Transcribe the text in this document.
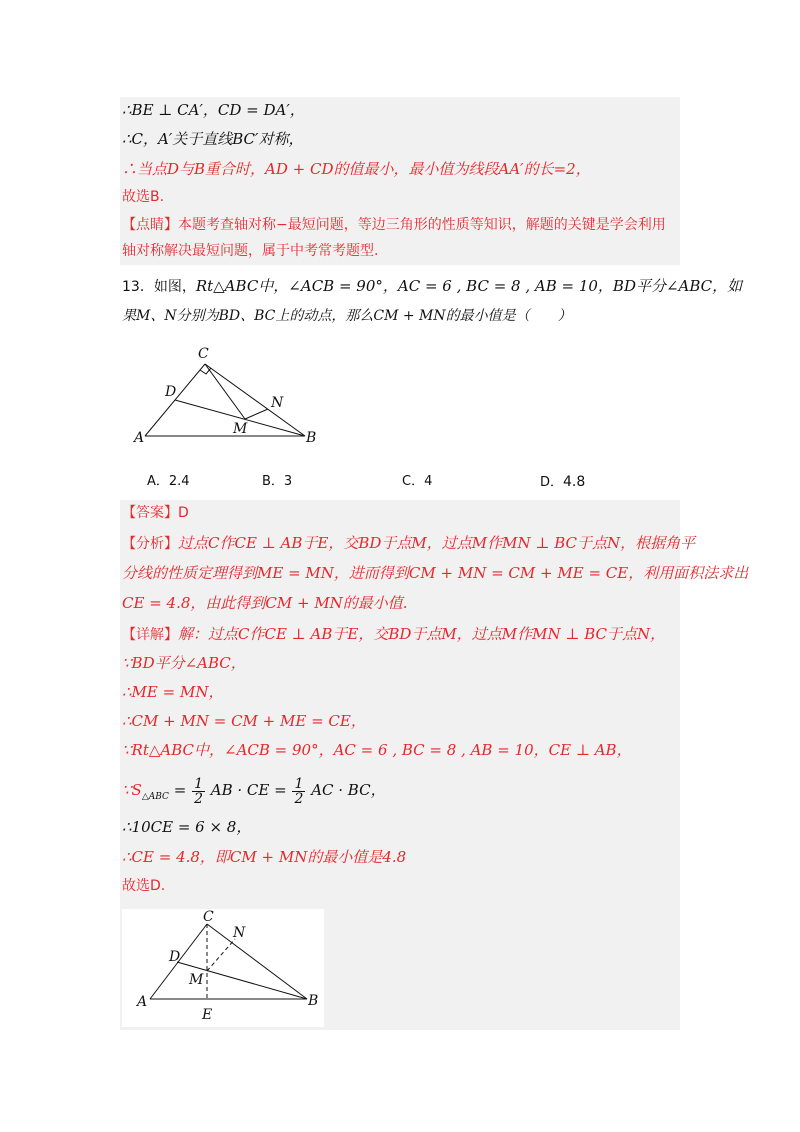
∴BE ⊥ CA′，CD = DA′，
∴C，A′关于直线BC′对称，
∴当点D与B重合时，AD + CD的值最小，最小值为线段AA′的长=2，
故选B.
【点睛】本题考查轴对称−最短问题，等边三角形的性质等知识，解题的关键是学会利用
轴对称解决最短问题，属于中考常考题型.
13．如图，Rt△ABC中，∠ACB = 90°，AC = 6 , BC = 8 , AB = 10，BD平分∠ABC，如
果M、N分别为BD、BC上的动点，那么CM + MN的最小值是（　　）
C
D
N
M
A	B
A．2.4	B．3	C．4	D．4.8
【答案】D
【分析】过点C作CE ⊥ AB于E，交BD于点M，过点M作MN ⊥ BC于点N，根据角平
分线的性质定理得到ME = MN，进而得到CM + MN = CM + ME = CE，利用面积法求出
CE = 4.8，由此得到CM + MN的最小值.
【详解】解：过点C作CE ⊥ AB于E，交BD于点M，过点M作MN ⊥ BC于点N，
∵BD平分∠ABC，
∴ME = MN，
∴CM + MN = CM + ME = CE，
∵Rt△ABC中，∠ACB = 90°，AC = 6 , BC = 8 , AB = 10，CE ⊥ AB，
$\because S_{\triangle ABC} = \frac{1}{2}$ AB · CE = $\frac{1}{2}$ AC · BC，
∴10CE = 6 × 8，
∴CE = 4.8，即CM + MN的最小值是4.8
故选D.
C
N
D
M
A	B
E
